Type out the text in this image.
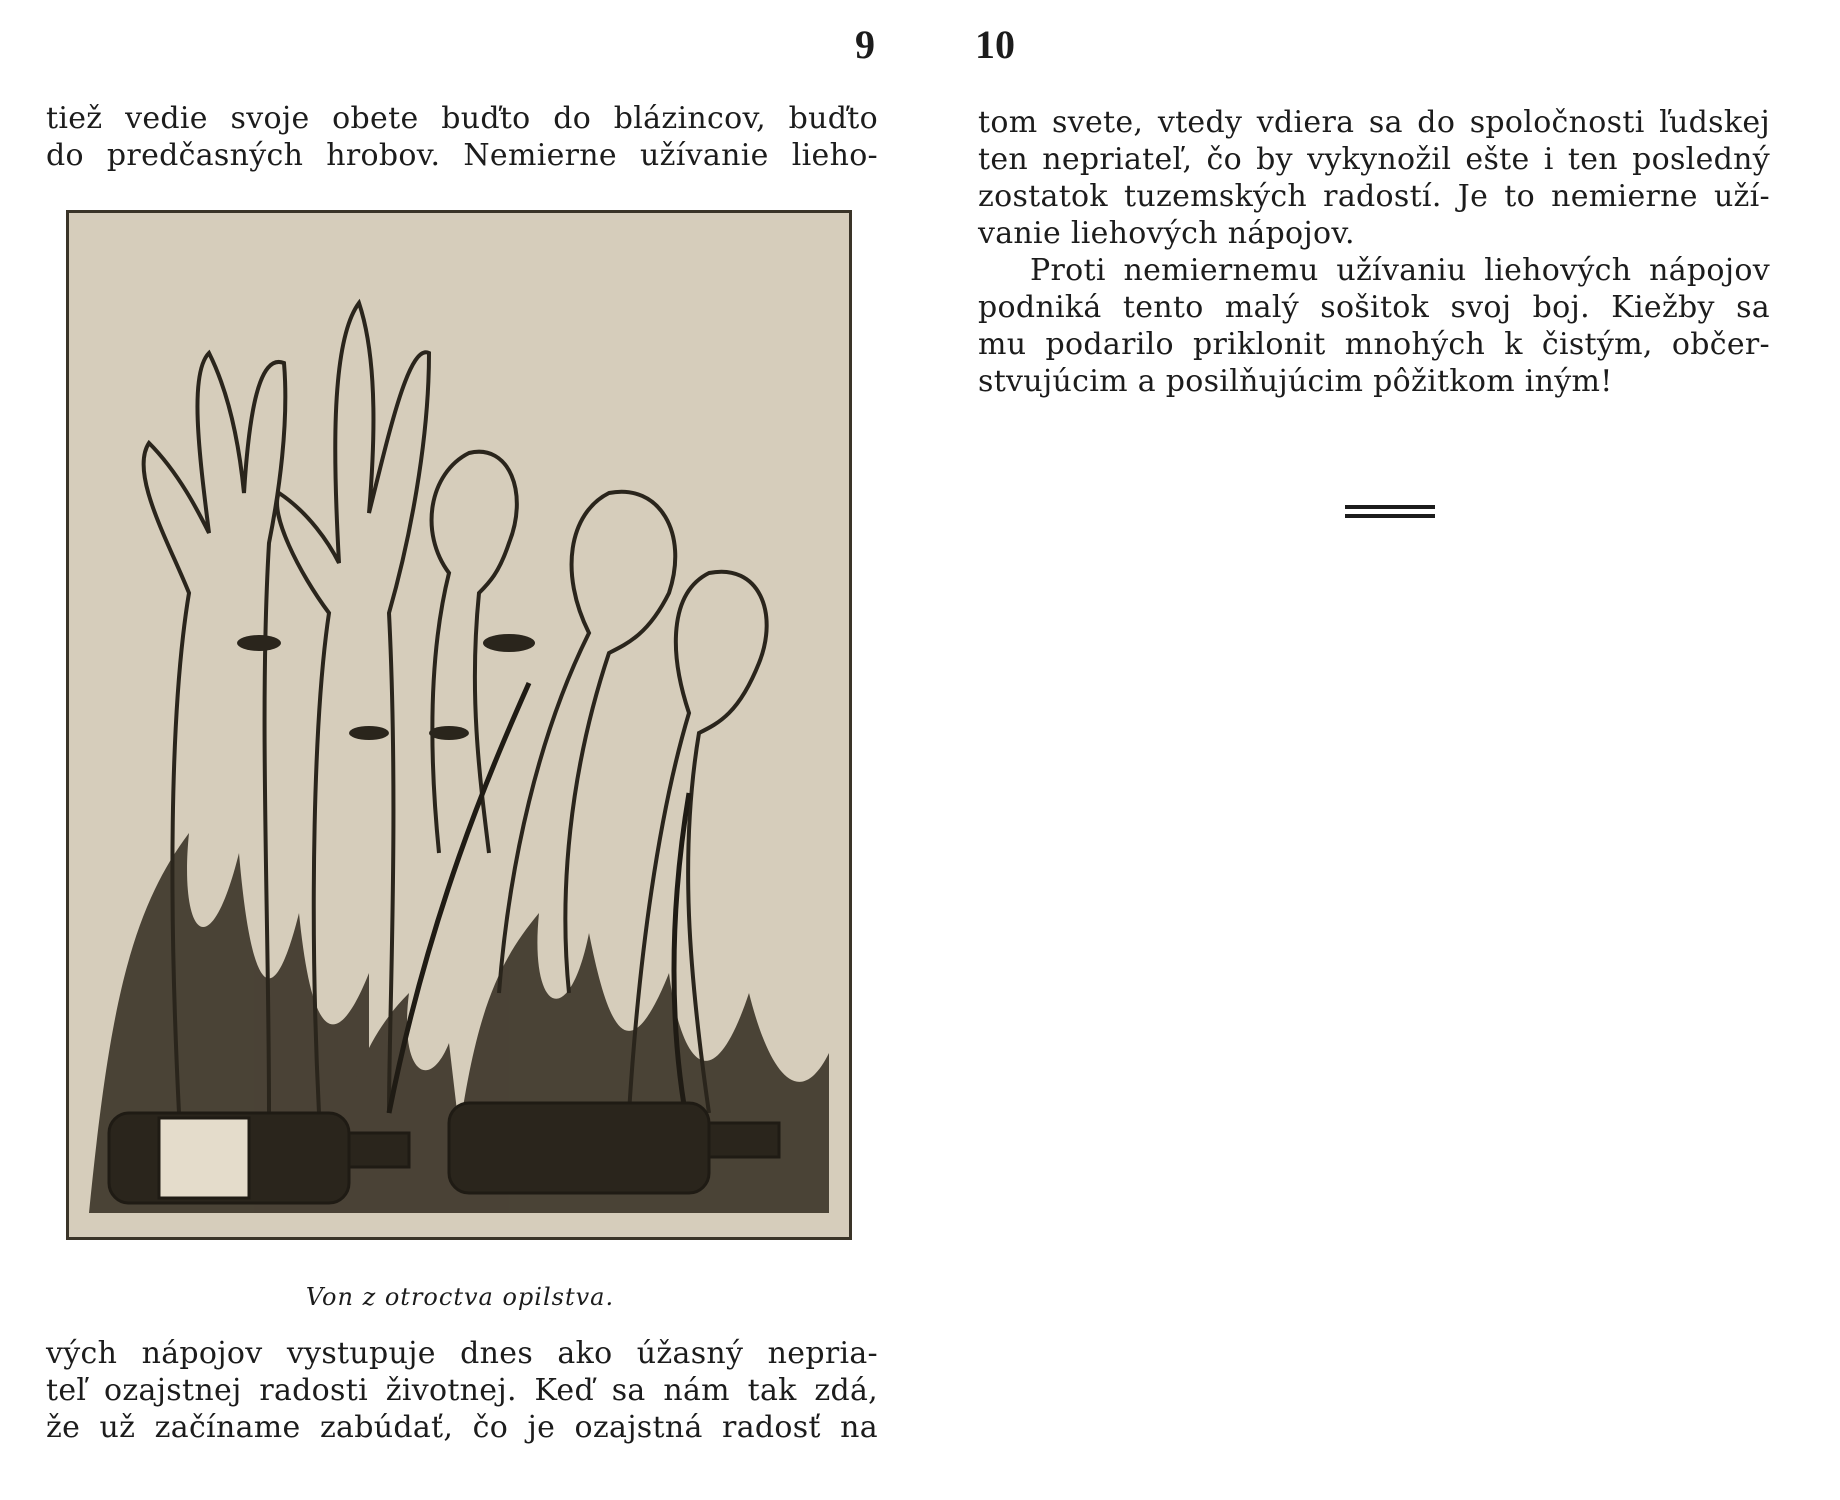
9	10
tiež vedie svoje obete buďto do blázincov, buďto
do predčasných hrobov. Nemierne užívanie lieho-
Von z otroctva opilstva.
vých nápojov vystupuje dnes ako úžasný nepria-
teľ ozajstnej radosti životnej. Keď sa nám tak zdá,
že už začíname zabúdať, čo je ozajstná radosť na
tom svete, vtedy vdiera sa do spoločnosti ľudskej
ten nepriateľ, čo by vykynožil ešte i ten posledný
zostatok tuzemských radostí. Je to nemierne uží-
vanie liehových nápojov.
Proti nemiernemu užívaniu liehových nápojov
podniká tento malý sošitok svoj boj. Kiežby sa
mu podarilo priklonit mnohých k čistým, občer-
stvujúcim a posilňujúcim pôžitkom iným!
